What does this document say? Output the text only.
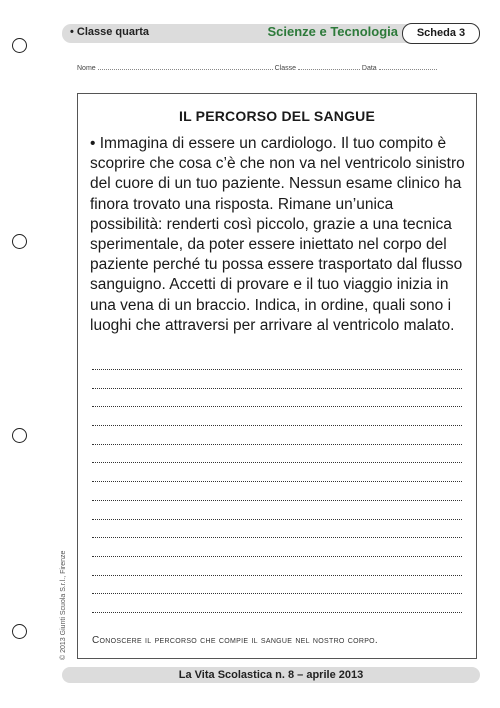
• Classe quarta	Scienze e Tecnologia	Scheda 3
Nome	Classe	Data
IL PERCORSO DEL SANGUE
• Immagina di essere un cardiologo. Il tuo compito è scoprire che cosa c’è che non va nel ventricolo sinistro del cuore di un tuo paziente. Nessun esame clinico ha finora trovato una risposta. Rimane un’unica possibilità: renderti così piccolo, grazie a una tecnica sperimentale, da poter essere iniettato nel corpo del paziente perché tu possa essere trasportato dal flusso sanguigno. Accetti di provare e il tuo viaggio inizia in una vena di un braccio. Indica, in ordine, quali sono i luoghi che attraversi per arrivare al ventricolo malato.
Conoscere il percorso che compie il sangue nel nostro corpo.
© 2013 Giunti Scuola S.r.l., Firenze
La Vita Scolastica n. 8 – aprile 2013
